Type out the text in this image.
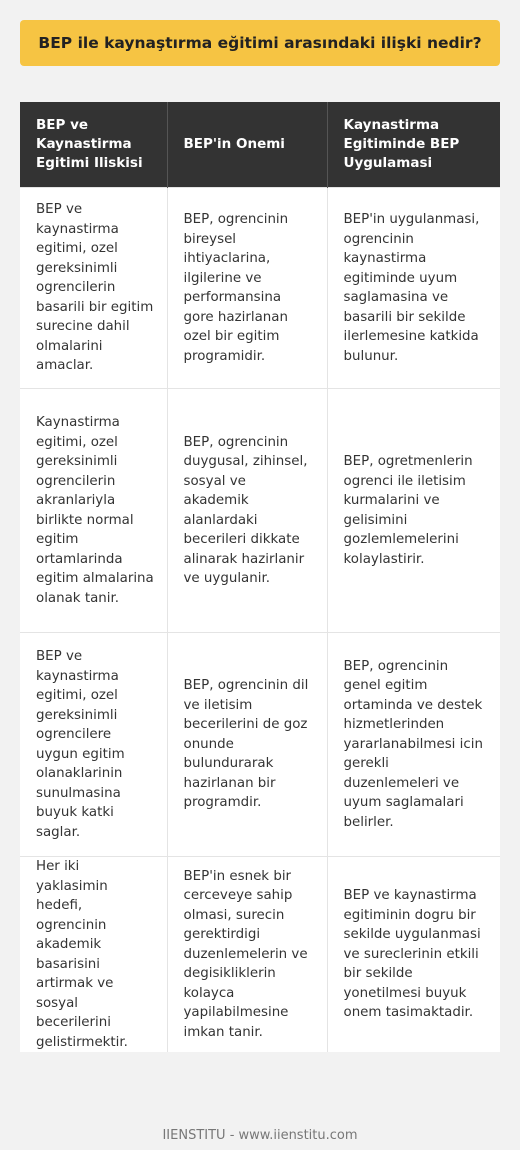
BEP ile kaynaştırma eğitimi arasındaki ilişki nedir?
BEP ve Kaynastirma Egitimi Iliskisi	BEP'in Onemi	Kaynastirma Egitiminde BEP Uygulamasi
BEP ve kaynastirma egitimi, ozel gereksinimli ogrencilerin basarili bir egitim surecine dahil olmalarini amaclar.	BEP, ogrencinin bireysel ihtiyaclarina, ilgilerine ve performansina gore hazirlanan ozel bir egitim programidir.	BEP'in uygulanmasi, ogrencinin kaynastirma egitiminde uyum saglamasina ve basarili bir sekilde ilerlemesine katkida bulunur.
Kaynastirma egitimi, ozel gereksinimli ogrencilerin akranlariyla birlikte normal egitim ortamlarinda egitim almalarina olanak tanir.	BEP, ogrencinin duygusal, zihinsel, sosyal ve akademik alanlardaki becerileri dikkate alinarak hazirlanir ve uygulanir.	BEP, ogretmenlerin ogrenci ile iletisim kurmalarini ve gelisimini gozlemlemelerini kolaylastirir.
BEP ve kaynastirma egitimi, ozel gereksinimli ogrencilere uygun egitim olanaklarinin sunulmasina buyuk katki saglar.	BEP, ogrencinin dil ve iletisim becerilerini de goz onunde bulundurarak hazirlanan bir programdir.	BEP, ogrencinin genel egitim ortaminda ve destek hizmetlerinden yararlanabilmesi icin gerekli duzenlemeleri ve uyum saglamalari belirler.
Her iki yaklasimin hedefi, ogrencinin akademik basarisini artirmak ve sosyal becerilerini gelistirmektir.	BEP'in esnek bir cerceveye sahip olmasi, surecin gerektirdigi duzenlemelerin ve degisikliklerin kolayca yapilabilmesine imkan tanir.	BEP ve kaynastirma egitiminin dogru bir sekilde uygulanmasi ve sureclerinin etkili bir sekilde yonetilmesi buyuk onem tasimaktadir.
IIENSTITU - www.iienstitu.com
